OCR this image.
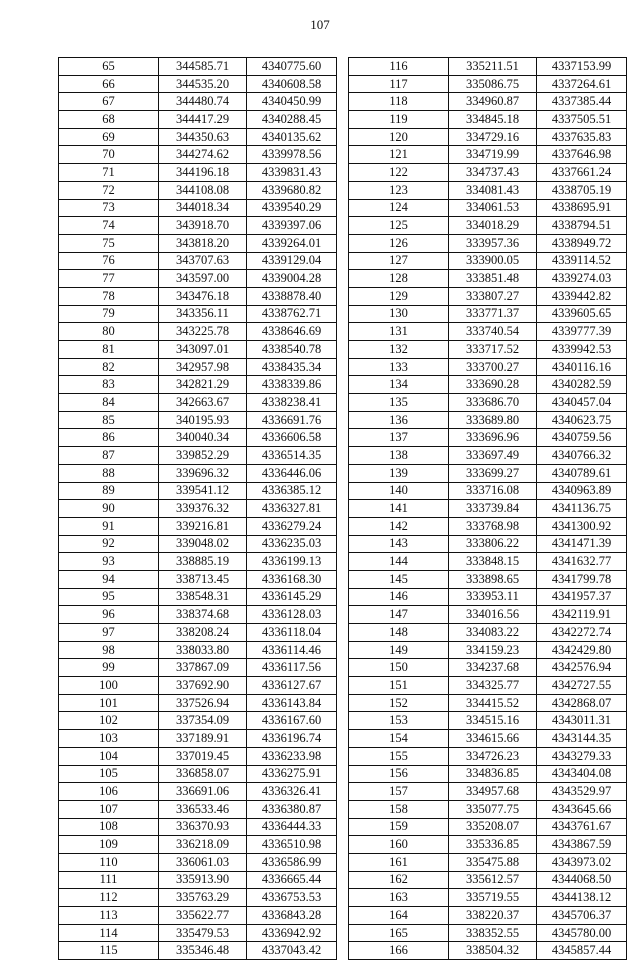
107
65	344585.71	4340775.60
66	344535.20	4340608.58
67	344480.74	4340450.99
68	344417.29	4340288.45
69	344350.63	4340135.62
70	344274.62	4339978.56
71	344196.18	4339831.43
72	344108.08	4339680.82
73	344018.34	4339540.29
74	343918.70	4339397.06
75	343818.20	4339264.01
76	343707.63	4339129.04
77	343597.00	4339004.28
78	343476.18	4338878.40
79	343356.11	4338762.71
80	343225.78	4338646.69
81	343097.01	4338540.78
82	342957.98	4338435.34
83	342821.29	4338339.86
84	342663.67	4338238.41
85	340195.93	4336691.76
86	340040.34	4336606.58
87	339852.29	4336514.35
88	339696.32	4336446.06
89	339541.12	4336385.12
90	339376.32	4336327.81
91	339216.81	4336279.24
92	339048.02	4336235.03
93	338885.19	4336199.13
94	338713.45	4336168.30
95	338548.31	4336145.29
96	338374.68	4336128.03
97	338208.24	4336118.04
98	338033.80	4336114.46
99	337867.09	4336117.56
100	337692.90	4336127.67
101	337526.94	4336143.84
102	337354.09	4336167.60
103	337189.91	4336196.74
104	337019.45	4336233.98
105	336858.07	4336275.91
106	336691.06	4336326.41
107	336533.46	4336380.87
108	336370.93	4336444.33
109	336218.09	4336510.98
110	336061.03	4336586.99
111	335913.90	4336665.44
112	335763.29	4336753.53
113	335622.77	4336843.28
114	335479.53	4336942.92
115	335346.48	4337043.42
116	335211.51	4337153.99
117	335086.75	4337264.61
118	334960.87	4337385.44
119	334845.18	4337505.51
120	334729.16	4337635.83
121	334719.99	4337646.98
122	334737.43	4337661.24
123	334081.43	4338705.19
124	334061.53	4338695.91
125	334018.29	4338794.51
126	333957.36	4338949.72
127	333900.05	4339114.52
128	333851.48	4339274.03
129	333807.27	4339442.82
130	333771.37	4339605.65
131	333740.54	4339777.39
132	333717.52	4339942.53
133	333700.27	4340116.16
134	333690.28	4340282.59
135	333686.70	4340457.04
136	333689.80	4340623.75
137	333696.96	4340759.56
138	333697.49	4340766.32
139	333699.27	4340789.61
140	333716.08	4340963.89
141	333739.84	4341136.75
142	333768.98	4341300.92
143	333806.22	4341471.39
144	333848.15	4341632.77
145	333898.65	4341799.78
146	333953.11	4341957.37
147	334016.56	4342119.91
148	334083.22	4342272.74
149	334159.23	4342429.80
150	334237.68	4342576.94
151	334325.77	4342727.55
152	334415.52	4342868.07
153	334515.16	4343011.31
154	334615.66	4343144.35
155	334726.23	4343279.33
156	334836.85	4343404.08
157	334957.68	4343529.97
158	335077.75	4343645.66
159	335208.07	4343761.67
160	335336.85	4343867.59
161	335475.88	4343973.02
162	335612.57	4344068.50
163	335719.55	4344138.12
164	338220.37	4345706.37
165	338352.55	4345780.00
166	338504.32	4345857.44
